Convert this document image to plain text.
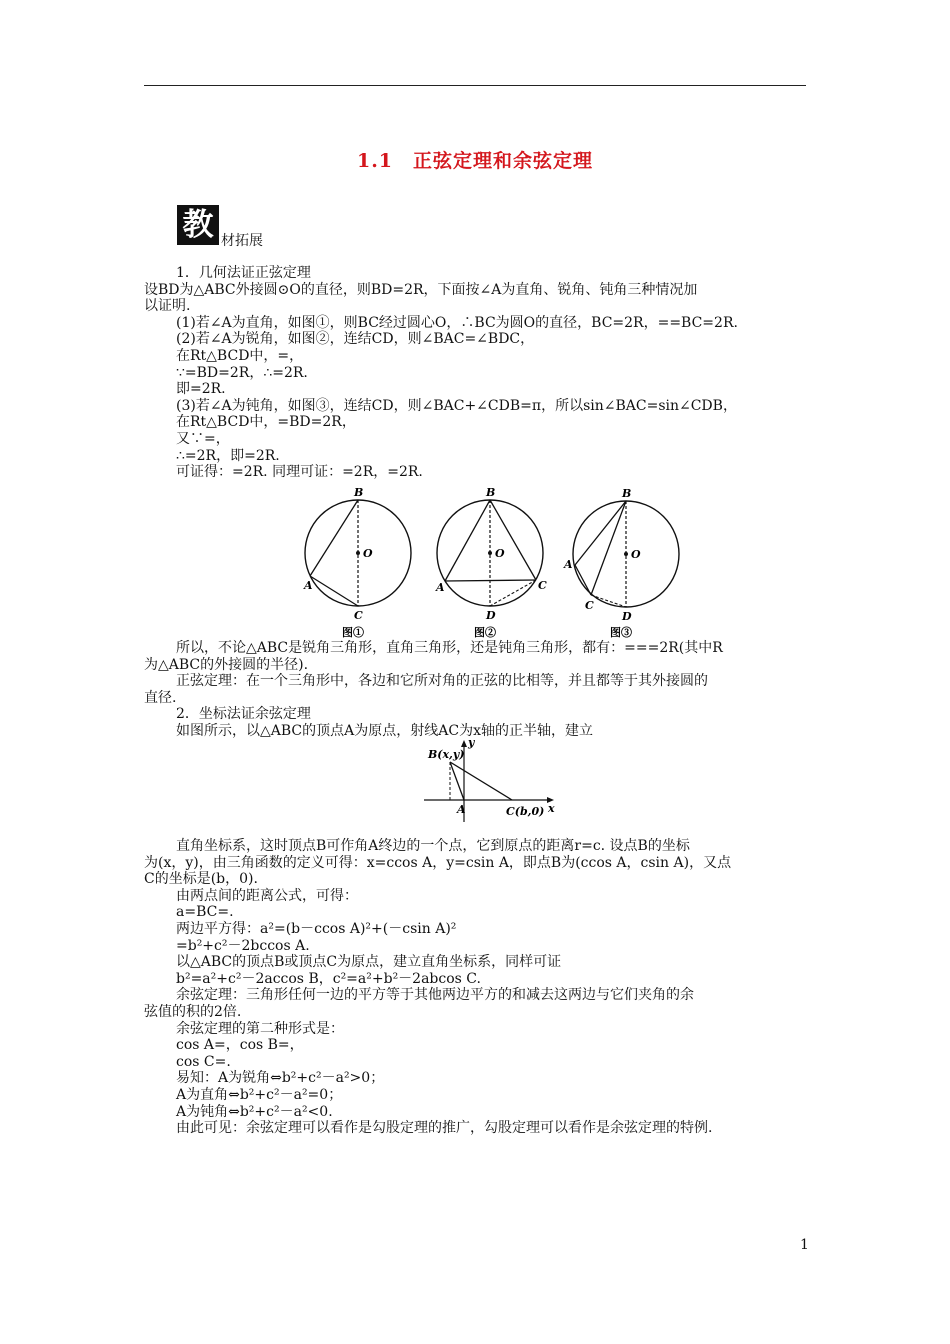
1.1　正弦定理和余弦定理
教 材拓展

1．几何法证正弦定理

设BD为△ABC外接圆⊙O的直径，则BD=2R，下面按∠A为直角、锐角、钝角三种情况加

以证明.

(1)若∠A为直角，如图①，则BC经过圆心O，∴BC为圆O的直径，BC=2R，==BC=2R.

(2)若∠A为锐角，如图②，连结CD，则∠BAC=∠BDC，

在Rt△BCD中，=，

∵=BD=2R，∴=2R.

即=2R.

(3)若∠A为钝角，如图③，连结CD，则∠BAC+∠CDB=π，所以sin∠BAC=sin∠CDB，

在Rt△BCD中，=BD=2R，

又∵=，

∴=2R，即=2R.

可证得：=2R. 同理可证：=2R，=2R.

B
O
A
C
图①
B
O
A	C
D
图②
B
O
A
C
D
图③

所以，不论△ABC是锐角三角形，直角三角形，还是钝角三角形，都有：===2R(其中R

为△ABC的外接圆的半径).

正弦定理：在一个三角形中，各边和它所对角的正弦的比相等，并且都等于其外接圆的

直径.

2．坐标法证余弦定理

如图所示，以△ABC的顶点A为原点，射线AC为x轴的正半轴，建立

B(x,y)
y
A	C(b,0) x

直角坐标系，这时顶点B可作角A终边的一个点，它到原点的距离r=c. 设点B的坐标

为(x，y)，由三角函数的定义可得：x=ccos A，y=csin A，即点B为(ccos A，csin A)，又点

C的坐标是(b，0).

由两点间的距离公式，可得：

a=BC=.

两边平方得：a²=(b－ccos A)²+(－csin A)²

=b²+c²－2bccos A.

以△ABC的顶点B或顶点C为原点，建立直角坐标系，同样可证

b²=a²+c²－2accos B，c²=a²+b²－2abcos C.

余弦定理：三角形任何一边的平方等于其他两边平方的和减去这两边与它们夹角的余

弦值的积的2倍.

余弦定理的第二种形式是：

cos A=，cos B=，

cos C=.

易知：A为锐角⇔b²+c²－a²>0；

A为直角⇔b²+c²－a²=0；

A为钝角⇔b²+c²－a²<0.

由此可见：余弦定理可以看作是勾股定理的推广，勾股定理可以看作是余弦定理的特例.

1
